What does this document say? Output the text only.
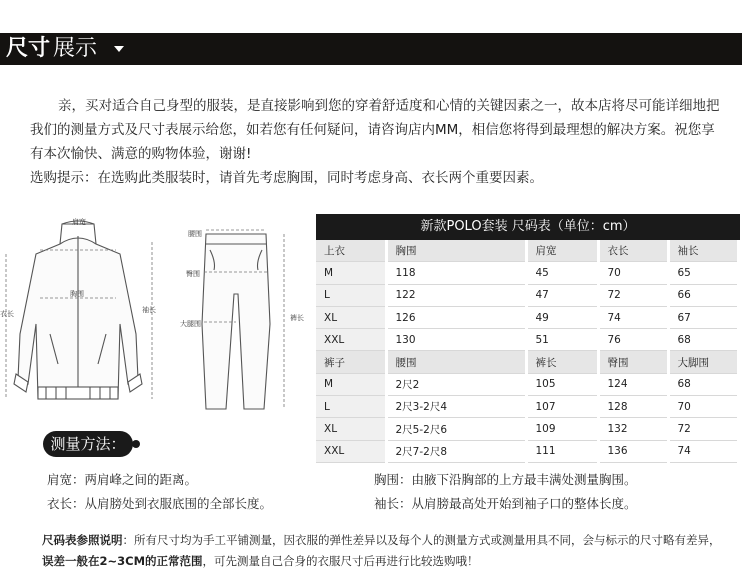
尺寸 展示

亲，买对适合自己身型的服装，是直接影响到您的穿着舒适度和心情的关键因素之一，故本店将尽可能详细地把我们的测量方式及尺寸表展示给您，如若您有任何疑问，请咨询店内MM，相信您将得到最理想的解决方案。祝您享有本次愉快、满意的购物体验，谢谢!

选购提示：在选购此类服装时，请首先考虑胸围，同时考虑身高、衣长两个重要因素。

肩宽
胸围
衣长	袖长
腰围
臀围
大腿围
裤长
新款POLO套装 尺码表（单位：cm）
上衣	胸围	肩宽	衣长	袖长
M	118	45	70	65
L	122	47	72	66
XL	126	49	74	67
XXL	130	51	76	68
裤子	腰围	裤长	臀围	大脚围
M	2尺2	105	124	68
L	2尺3-2尺4	107	128	70
XL	2尺5-2尺6	109	132	72
XXL	2尺7-2尺8	111	136	74
测量方法：
肩宽：两肩峰之间的距离。	胸围：由腋下沿胸部的上方最丰满处测量胸围。
衣长：从肩膀处到衣服底围的全部长度。	袖长：从肩膀最高处开始到袖子口的整体长度。
尺码表参照说明：所有尺寸均为手工平铺测量，因衣服的弹性差异以及每个人的测量方式或测量用具不同，会与标示的尺寸略有差异，误差一般在2~3CM的正常范围，可先测量自己合身的衣服尺寸后再进行比较选购哦！
